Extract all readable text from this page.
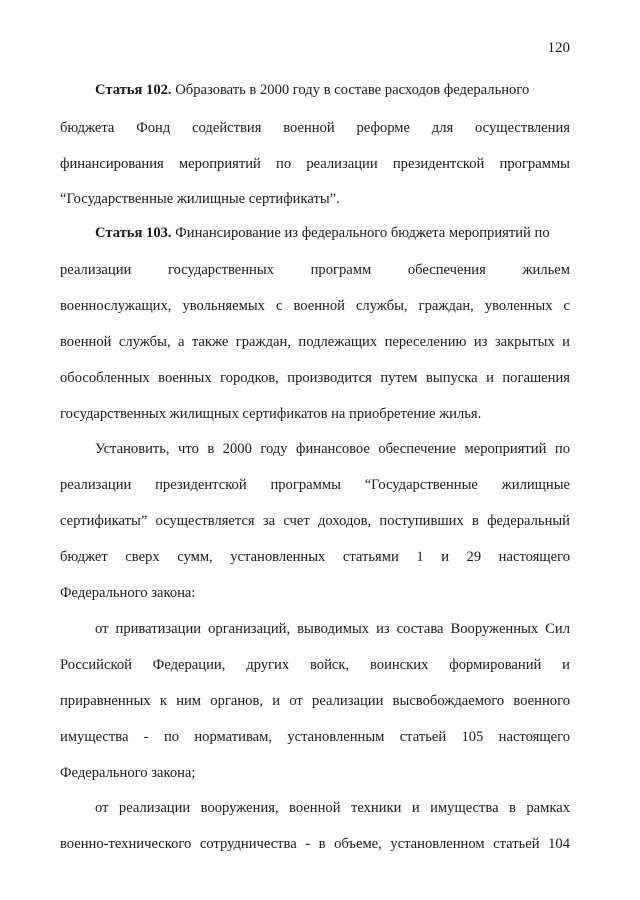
120
Статья 102. Образовать в 2000 году в составе расходов федерального
бюджета Фонд содействия военной реформе для осуществления
финансирования мероприятий по реализации президентской программы
“Государственные жилищные сертификаты”.
Статья 103. Финансирование из федерального бюджета мероприятий по
реализации государственных программ обеспечения жильем
военнослужащих, увольняемых с военной службы, граждан, уволенных с
военной службы, а также граждан, подлежащих переселению из закрытых и
обособленных военных городков, производится путем выпуска и погашения
государственных жилищных сертификатов на приобретение жилья.
Установить, что в 2000 году финансовое обеспечение мероприятий по
реализации президентской программы “Государственные жилищные
сертификаты” осуществляется за счет доходов, поступивших в федеральный
бюджет сверх сумм, установленных статьями 1 и 29 настоящего
Федерального закона:
от приватизации организаций, выводимых из состава Вооруженных Сил
Российской Федерации, других войск, воинских формирований и
приравненных к ним органов, и от реализации высвобождаемого военного
имущества - по нормативам, установленным статьей 105 настоящего
Федерального закона;
от реализации вооружения, военной техники и имущества в рамках
военно-технического сотрудничества - в объеме, установленном статьей 104
